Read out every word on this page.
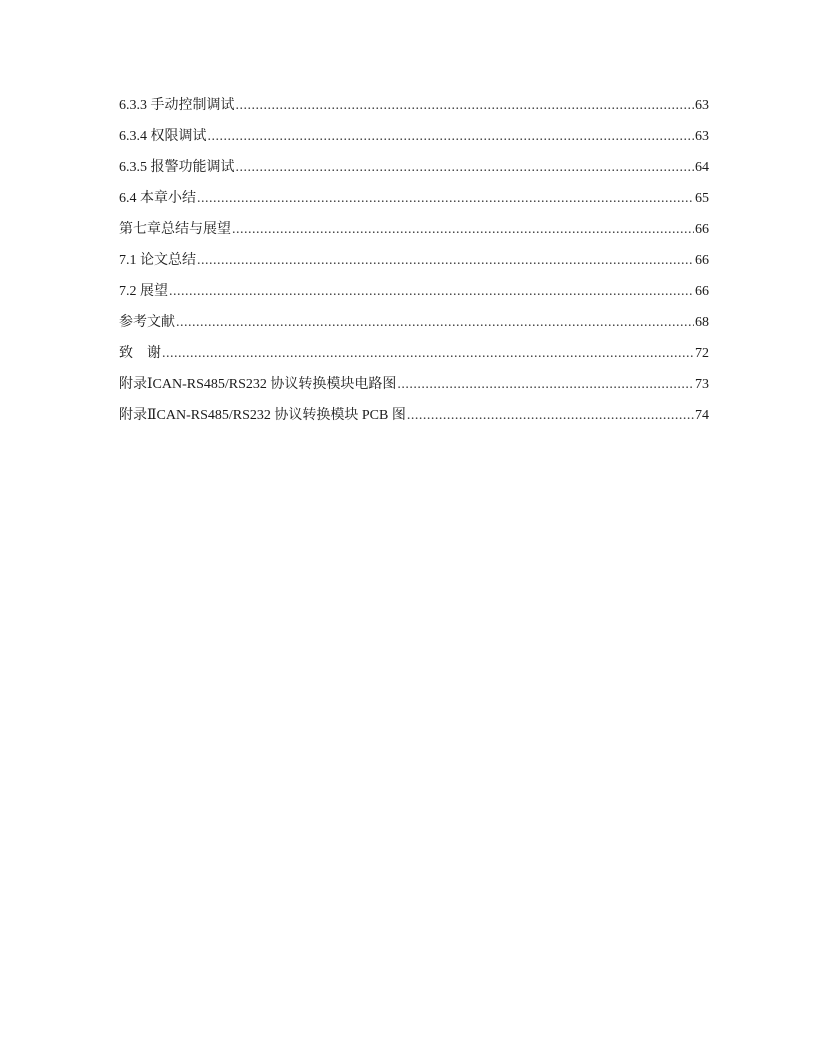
6.3.3 手动控制调试 .....	63
6.3.4 权限调试 .....	63
6.3.5 报警功能调试 .....	64
6.4 本章小结 .....	65
第七章总结与展望 .....	66
7.1 论文总结 .....	66
7.2 展望 .....	66
参考文献 .....	68
致　谢 .....	72
附录ⅠCAN-RS485/RS232 协议转换模块电路图 .....	73
附录ⅡCAN-RS485/RS232 协议转换模块 PCB 图 .....	74
